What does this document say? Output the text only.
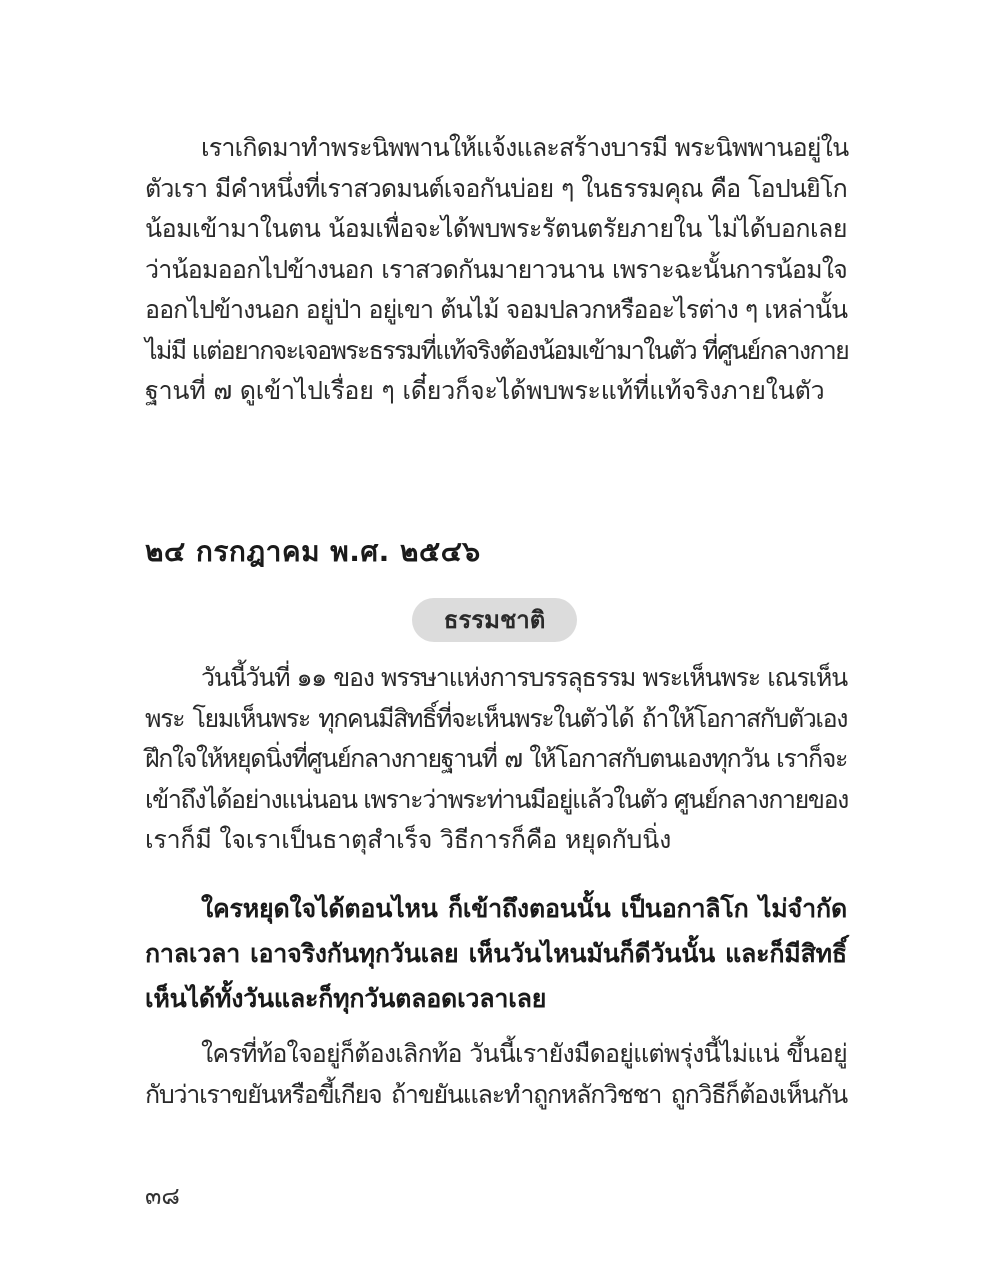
เราเกิดมาทำพระนิพพานให้แจ้งและสร้างบารมี พระนิพพานอยู่ใน
ตัวเรา มีคำหนึ่งที่เราสวดมนต์เจอกันบ่อย ๆ ในธรรมคุณ คือ โอปนยิโก
น้อมเข้ามาในตน น้อมเพื่อจะได้พบพระรัตนตรัยภายใน ไม่ได้บอกเลย
ว่าน้อมออกไปข้างนอก เราสวดกันมายาวนาน เพราะฉะนั้นการน้อมใจ
ออกไปข้างนอก อยู่ป่า อยู่เขา ต้นไม้ จอมปลวกหรืออะไรต่าง ๆ เหล่านั้น
ไม่มี แต่อยากจะเจอพระธรรมที่แท้จริงต้องน้อมเข้ามาในตัว ที่ศูนย์กลางกาย
ฐานที่ ๗ ดูเข้าไปเรื่อย ๆ เดี๋ยวก็จะได้พบพระแท้ที่แท้จริงภายในตัว
๒๔ กรกฎาคม พ.ศ. ๒๕๔๖
ธรรมชาติ
วันนี้วันที่ ๑๑ ของ พรรษาแห่งการบรรลุธรรม พระเห็นพระ เณรเห็น
พระ โยมเห็นพระ ทุกคนมีสิทธิ์ที่จะเห็นพระในตัวได้ ถ้าให้โอกาสกับตัวเอง
ฝึกใจให้หยุดนิ่งที่ศูนย์กลางกายฐานที่ ๗ ให้โอกาสกับตนเองทุกวัน เราก็จะ
เข้าถึงได้อย่างแน่นอน เพราะว่าพระท่านมีอยู่แล้วในตัว ศูนย์กลางกายของ
เราก็มี ใจเราเป็นธาตุสำเร็จ วิธีการก็คือ หยุดกับนิ่ง
ใครหยุดใจได้ตอนไหน ก็เข้าถึงตอนนั้น เป็นอกาลิโก ไม่จำกัด
กาลเวลา เอาจริงกันทุกวันเลย เห็นวันไหนมันก็ดีวันนั้น และก็มีสิทธิ์
เห็นได้ทั้งวันและก็ทุกวันตลอดเวลาเลย
ใครที่ท้อใจอยู่ก็ต้องเลิกท้อ วันนี้เรายังมืดอยู่แต่พรุ่งนี้ไม่แน่ ขึ้นอยู่
กับว่าเราขยันหรือขี้เกียจ ถ้าขยันและทำถูกหลักวิชชา ถูกวิธีก็ต้องเห็นกัน
๓๘
